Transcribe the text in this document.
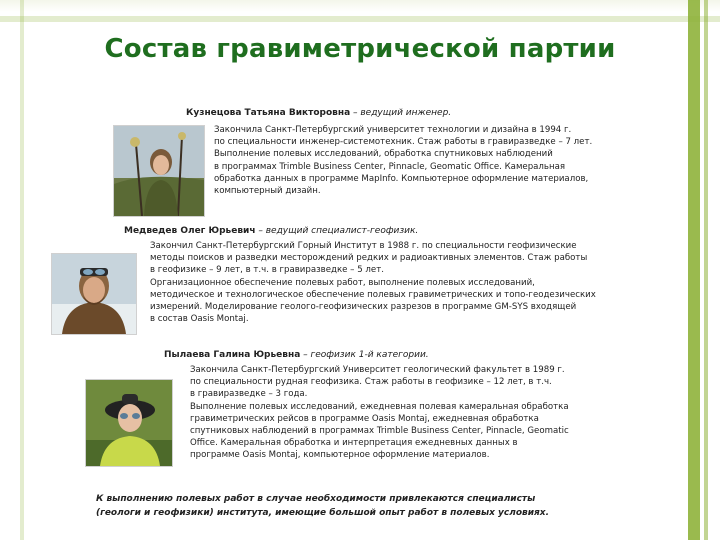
Состав гравиметрической партии
Кузнецова Татьяна Викторовна – ведущий инженер.
Закончила Санкт-Петербургский университет технологии и дизайна в 1994 г.
по специальности инженер-системотехник. Стаж работы в гравиразведке – 7 лет.
Выполнение полевых исследований, обработка спутниковых наблюдений
в программах Trimble Business Center, Pinnacle, Geomatic Office. Камеральная
обработка данных в программе MapInfo. Компьютерное оформление материалов,
компьютерный дизайн.
Медведев Олег Юрьевич – ведущий специалист-геофизик.
Закончил Санкт-Петербургский Горный Институт в 1988 г. по специальности геофизические
методы поисков и разведки месторождений редких и радиоактивных элементов. Стаж работы
в геофизике – 9 лет, в т.ч. в гравиразведке – 5 лет.
Организационное обеспечение полевых работ, выполнение полевых исследований,
методическое и технологическое обеспечение полевых гравиметрических и топо-геодезических
измерений. Моделирование геолого-геофизических разрезов в программе GM-SYS входящей
в состав Oasis Montaj.
Пылаева Галина Юрьевна – геофизик 1-й категории.
Закончила Санкт-Петербургский Университет геологический факультет в 1989 г.
по специальности рудная геофизика. Стаж работы в геофизике – 12 лет, в т.ч.
в гравиразведке – 3 года.
Выполнение полевых исследований, ежедневная полевая камеральная обработка
гравиметрических рейсов в программе Oasis Montaj, ежедневная обработка
спутниковых наблюдений в программах Trimble Business Center, Pinnacle, Geomatic
Office. Камеральная обработка и интерпретация ежедневных данных в
программе Oasis Montaj, компьютерное оформление материалов.
К выполнению полевых работ в случае необходимости привлекаются специалисты
(геологи и геофизики) института, имеющие большой опыт работ в полевых условиях.
